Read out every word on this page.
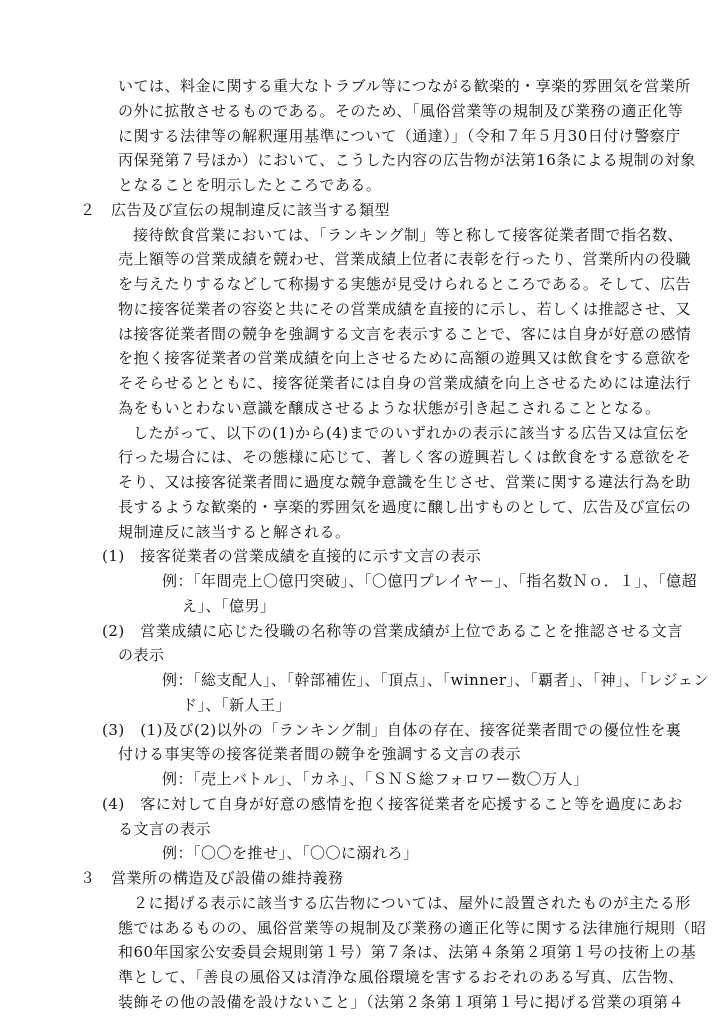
いては、料金に関する重大なトラブル等につながる歓楽的・享楽的雰囲気を営業所
の外に拡散させるものである。そのため、「風俗営業等の規制及び業務の適正化等
に関する法律等の解釈運用基準について（通達）」（令和７年５月30日付け警察庁
丙保発第７号ほか）において、こうした内容の広告物が法第16条による規制の対象
となることを明示したところである。
２　広告及び宣伝の規制違反に該当する類型
接待飲食営業においては、「ランキング制」等と称して接客従業者間で指名数、
売上額等の営業成績を競わせ、営業成績上位者に表彰を行ったり、営業所内の役職
を与えたりするなどして称揚する実態が見受けられるところである。そして、広告
物に接客従業者の容姿と共にその営業成績を直接的に示し、若しくは推認させ、又
は接客従業者間の競争を強調する文言を表示することで、客には自身が好意の感情
を抱く接客従業者の営業成績を向上させるために高額の遊興又は飲食をする意欲を
そそらせるとともに、接客従業者には自身の営業成績を向上させるためには違法行
為をもいとわない意識を醸成させるような状態が引き起こされることとなる。
したがって、以下の(1)から(4)までのいずれかの表示に該当する広告又は宣伝を
行った場合には、その態様に応じて、著しく客の遊興若しくは飲食をする意欲をそ
そり、又は接客従業者間に過度な競争意識を生じさせ、営業に関する違法行為を助
長するような歓楽的・享楽的雰囲気を過度に醸し出すものとして、広告及び宣伝の
規制違反に該当すると解される。
(1)　接客従業者の営業成績を直接的に示す文言の表示
例：「年間売上〇億円突破」、「〇億円プレイヤー」、「指名数Ｎｏ．１」、「億超
え」、「億男」
(2)　営業成績に応じた役職の名称等の営業成績が上位であることを推認させる文言
の表示
例：「総支配人」、「幹部補佐」、「頂点」、「winner」、「覇者」、「神」、「レジェン
ド」、「新人王」
(3)　(1)及び(2)以外の「ランキング制」自体の存在、接客従業者間での優位性を裏
付ける事実等の接客従業者間の競争を強調する文言の表示
例：「売上バトル」、「カネ」、「ＳＮＳ総フォロワー数〇万人」
(4)　客に対して自身が好意の感情を抱く接客従業者を応援すること等を過度にあお
る文言の表示
例：「〇〇を推せ」、「〇〇に溺れろ」
３　営業所の構造及び設備の維持義務
２に掲げる表示に該当する広告物については、屋外に設置されたものが主たる形
態ではあるものの、風俗営業等の規制及び業務の適正化等に関する法律施行規則（昭
和60年国家公安委員会規則第１号）第７条は、法第４条第２項第１号の技術上の基
準として、「善良の風俗又は清浄な風俗環境を害するおそれのある写真、広告物、
装飾その他の設備を設けないこと」（法第２条第１項第１号に掲げる営業の項第４
